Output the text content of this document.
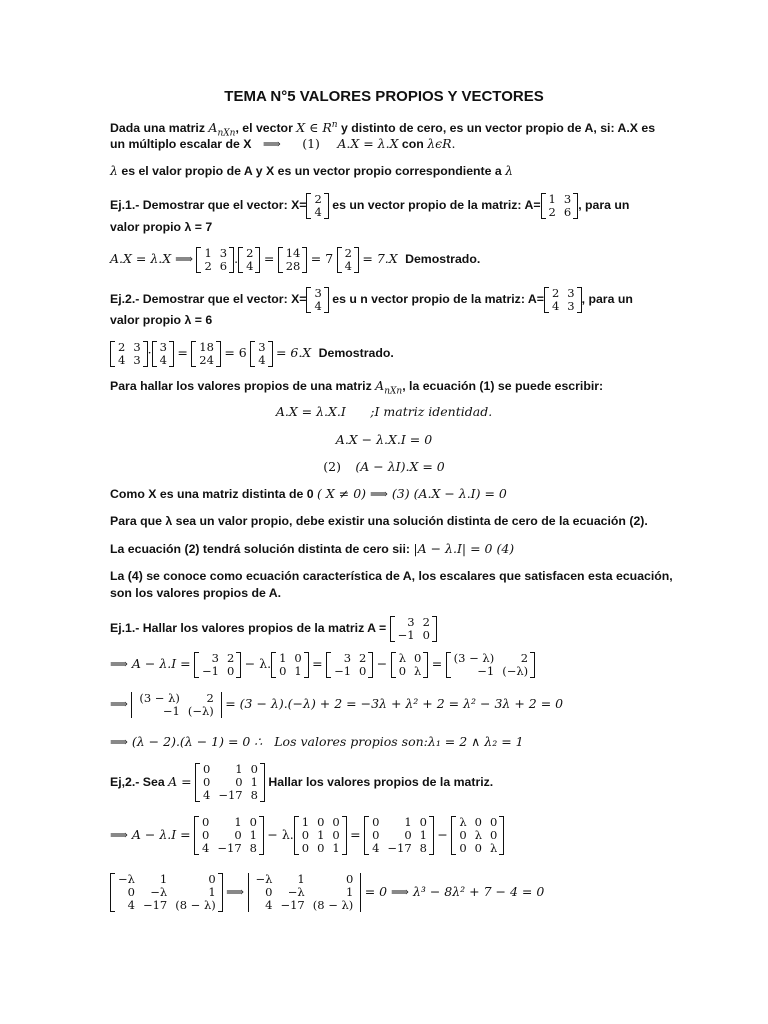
TEMA N°5 VALORES PROPIOS Y VECTORES
Dada una matriz $A_{nXn}$, el vector X ∈ $R^n$ y distinto de cero, es un vector propio de A, si: A.X es
un múltiplo escalar de X ⟹ (1) A.X = λ.X con λϵR.
λ es el valor propio de A y X es un vector propio correspondiente a λ
Ej.1.- Demostrar que el vector: X= 2
4 es un vector propio de la matriz: A= 1	3
2	6 , para un
valor propio λ = 7
A.X = λ.X ⟹ 1	3
2	6 . 2
4 = 14
28 = 7 2
4 = 7.X Demostrado.
Ej.2.- Demostrar que el vector: X= 3
4 es u n vector propio de la matriz: A= 2	3
4	3 , para un
valor propio λ = 6
2	3
4	3 · 3
4 = 18
24 = 6 3
4 = 6.X Demostrado.
Para hallar los valores propios de una matriz $A_{nXn}$, la ecuación (1) se puede escribir:
A.X = λ.X.I ;I matriz identidad.
A.X − λ.X.I = 0
(2) (A − λI).X = 0
Como X es una matriz distinta de 0 ( X ≠ 0) ⟹ (3) (A.X − λ.I) = 0
Para que λ sea un valor propio, debe existir una solución distinta de cero de la ecuación (2).
La ecuación (2) tendrá solución distinta de cero sii: |A − λ.I| = 0 (4)
La (4) se conoce como ecuación característica de A, los escalares que satisfacen esta ecuación,
son los valores propios de A.
Ej.1.- Hallar los valores propios de la matriz A = 3	2
−1	0
⟹ A − λ.I = 3	2
−1	0 − λ. 1	0
0	1 = 3	2
−1	0 − λ	0
0	λ = (3 − λ)	2
−1	(−λ)
⟹ (3 − λ)	2
−1	(−λ) = (3 − λ).(−λ) + 2 = −3λ + λ² + 2 = λ² − 3λ + 2 = 0
⟹ (λ − 2).(λ − 1) = 0 ∴ Los valores propios son:λ₁ = 2 ∧ λ₂ = 1
Ej,2.- Sea A =
0	1	0
0	0	1
4	−17	8
Hallar los valores propios de la matriz.
⟹ A − λ.I =
0	1	0
0	0	1
4	−17	8
− λ.
1	0	0
0	1	0
0	0	1
=
0	1	0
0	0	1
4	−17	8
−
λ	0	0
0	λ	0
0	0	λ
−λ	1	0
0	−λ	1
4	−17	(8 − λ)
⟹
−λ	1	0
0	−λ	1
4	−17	(8 − λ)
= 0 ⟹ λ³ − 8λ² + 7 − 4 = 0
